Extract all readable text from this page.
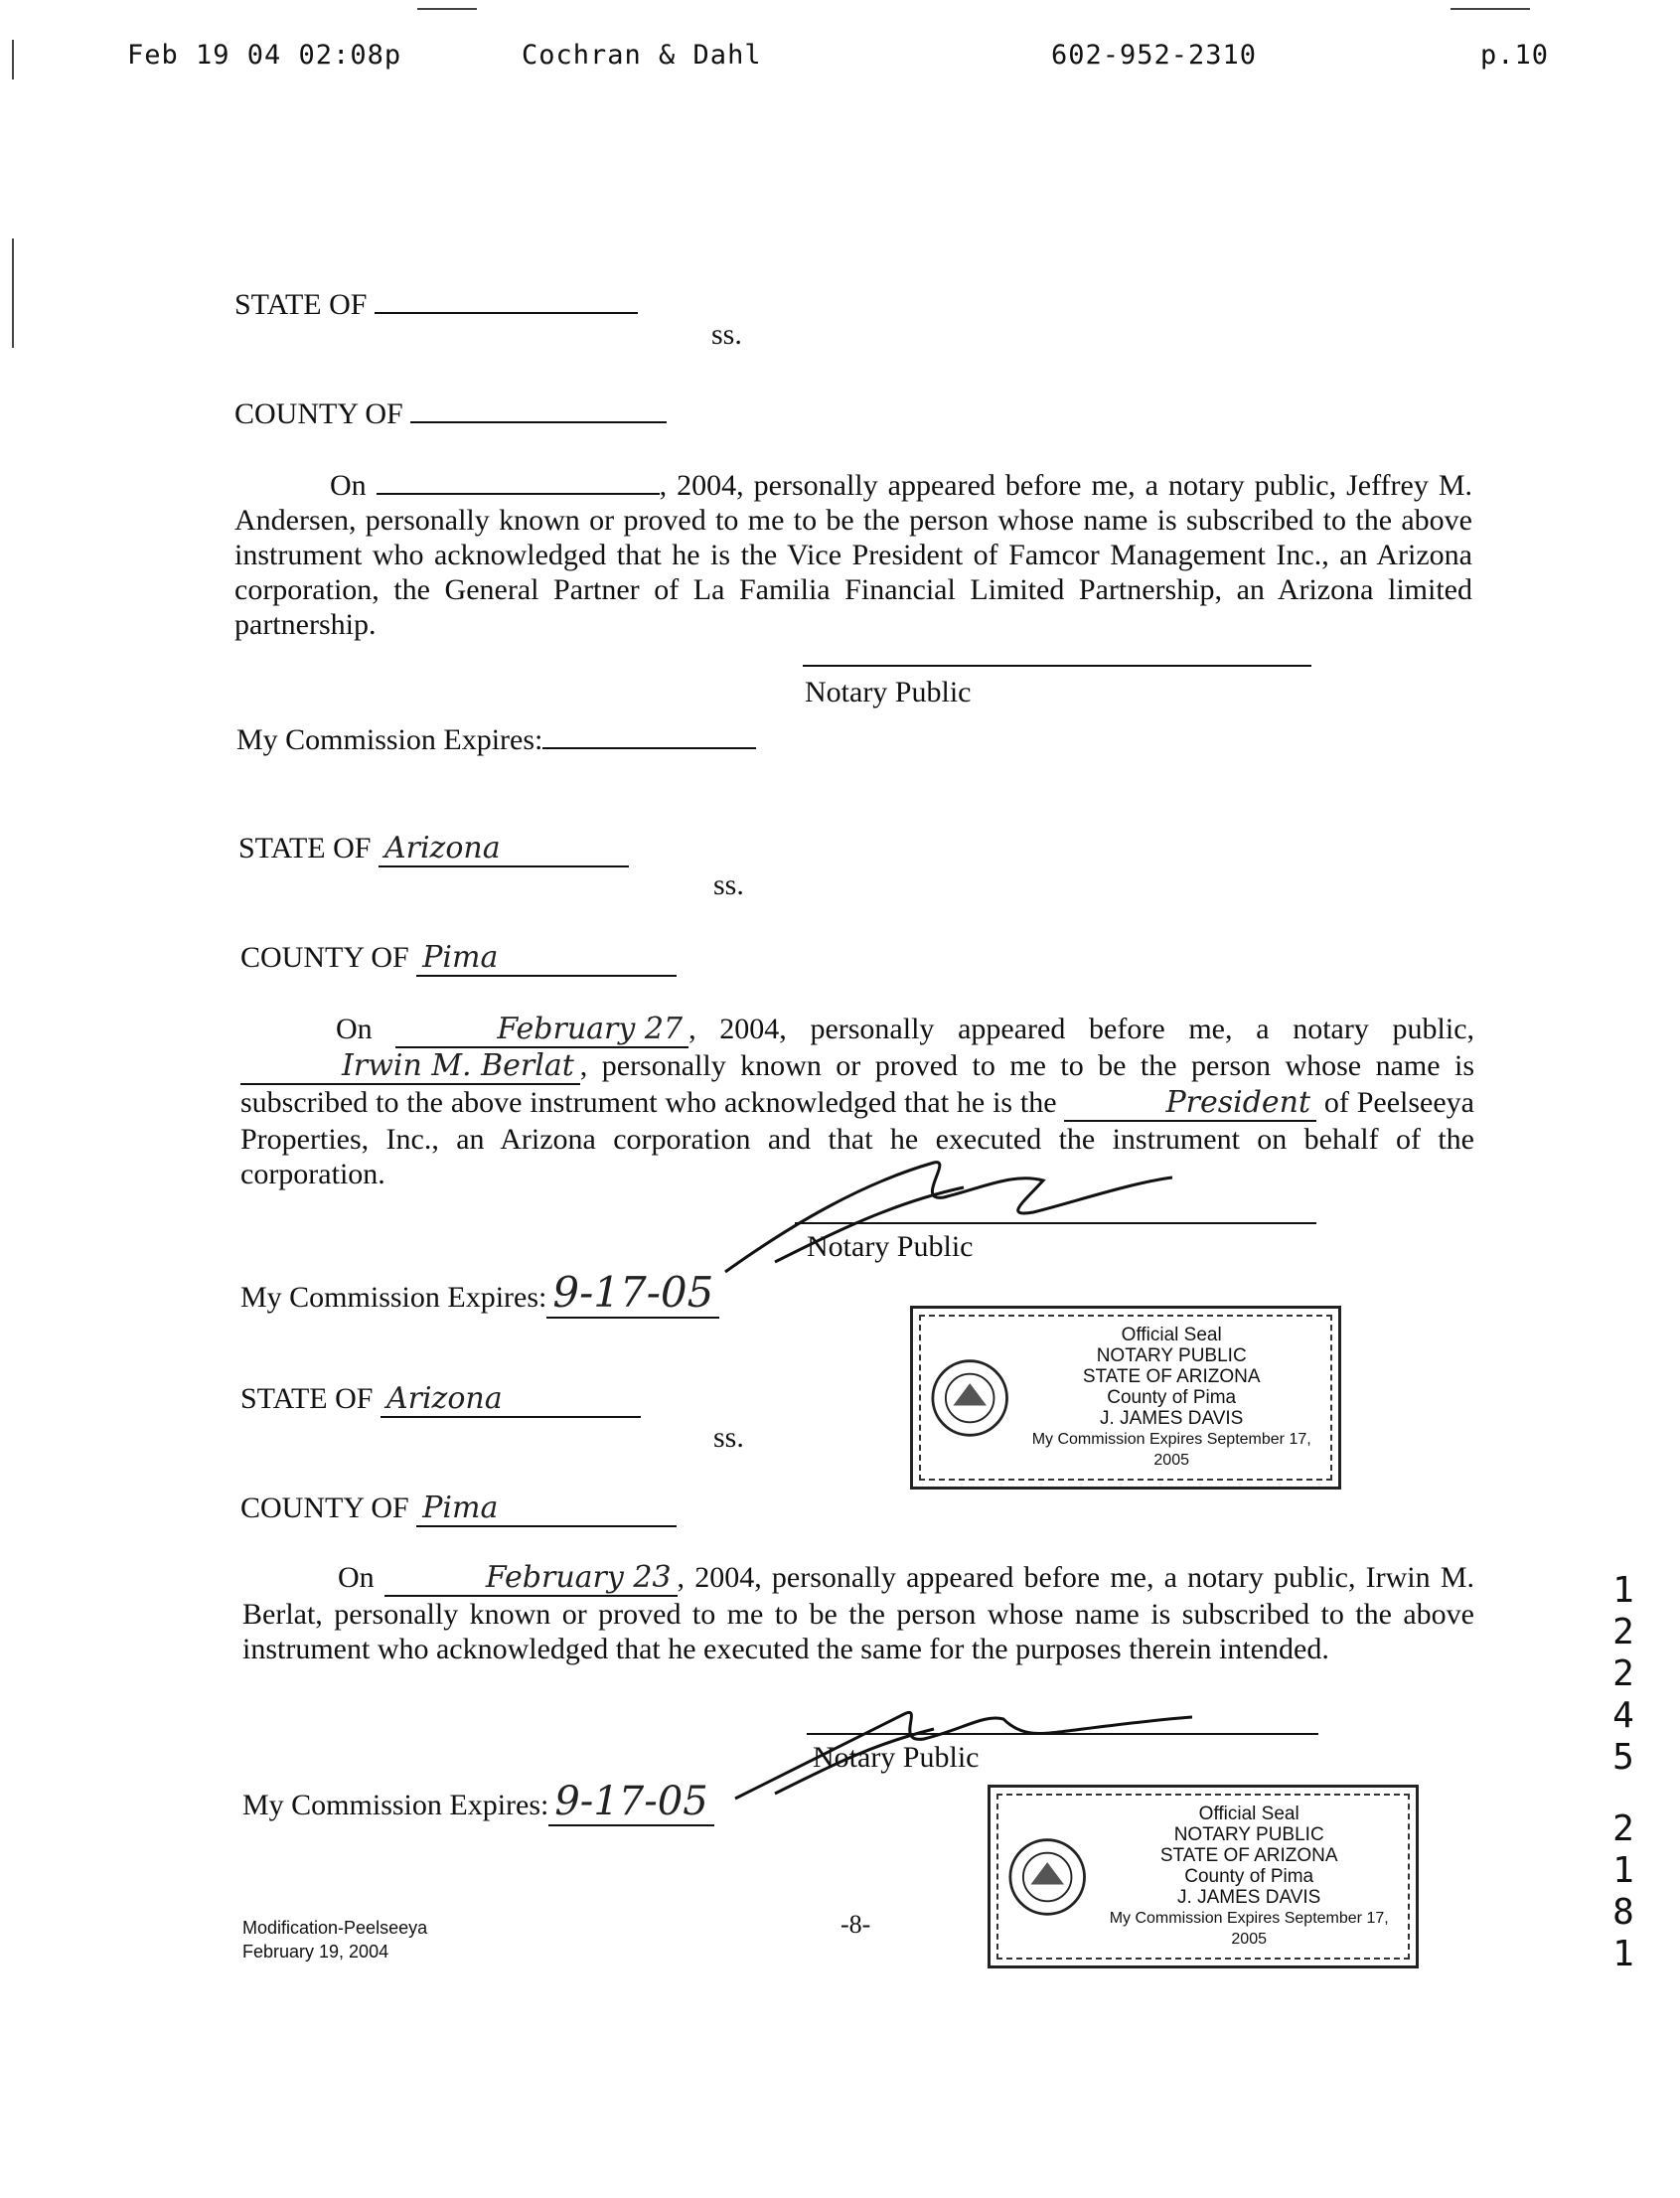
Feb 19 04 02:08p	Cochran & Dahl	602-952-2310	p.10
STATE OF
ss.
COUNTY OF

On	, 2004, personally appeared before me, a notary public, Jeffrey M. Andersen, personally known or proved to me to be the person whose name is subscribed to the above instrument who acknowledged that he is the Vice President of Famcor Management Inc., an Arizona corporation, the General Partner of La Familia Financial Limited Partnership, an Arizona limited partnership.

Notary Public
My Commission Expires:
STATE OF Arizona
ss.
COUNTY OF Pima

On	February 27 , 2004, personally appeared before me, a notary public, Irwin M. Berlat , personally known or proved to me to be the person whose name is subscribed to the above instrument who acknowledged that he is the	President of Peelseeya Properties, Inc., an Arizona corporation and that he executed the instrument on behalf of the corporation.

Notary Public
My Commission Expires: 9-17-05
Official Seal
NOTARY PUBLIC
STATE OF ARIZONA
County of Pima
J. JAMES DAVIS
My Commission Expires September 17, 2005
STATE OF Arizona
ss.
COUNTY OF Pima

On	February 23 , 2004, personally appeared before me, a notary public, Irwin M. Berlat, personally known or proved to me to be the person whose name is subscribed to the above instrument who acknowledged that he executed the same for the purposes therein intended.

Notary Public
My Commission Expires: 9-17-05	Official Seal
NOTARY PUBLIC
STATE OF ARIZONA
County of Pima
J. JAMES DAVIS
My Commission Expires September 17, 2005
Modification-Peelseeya
February 19, 2004
-8-
1
2
2
4
5
2
1
8
1
